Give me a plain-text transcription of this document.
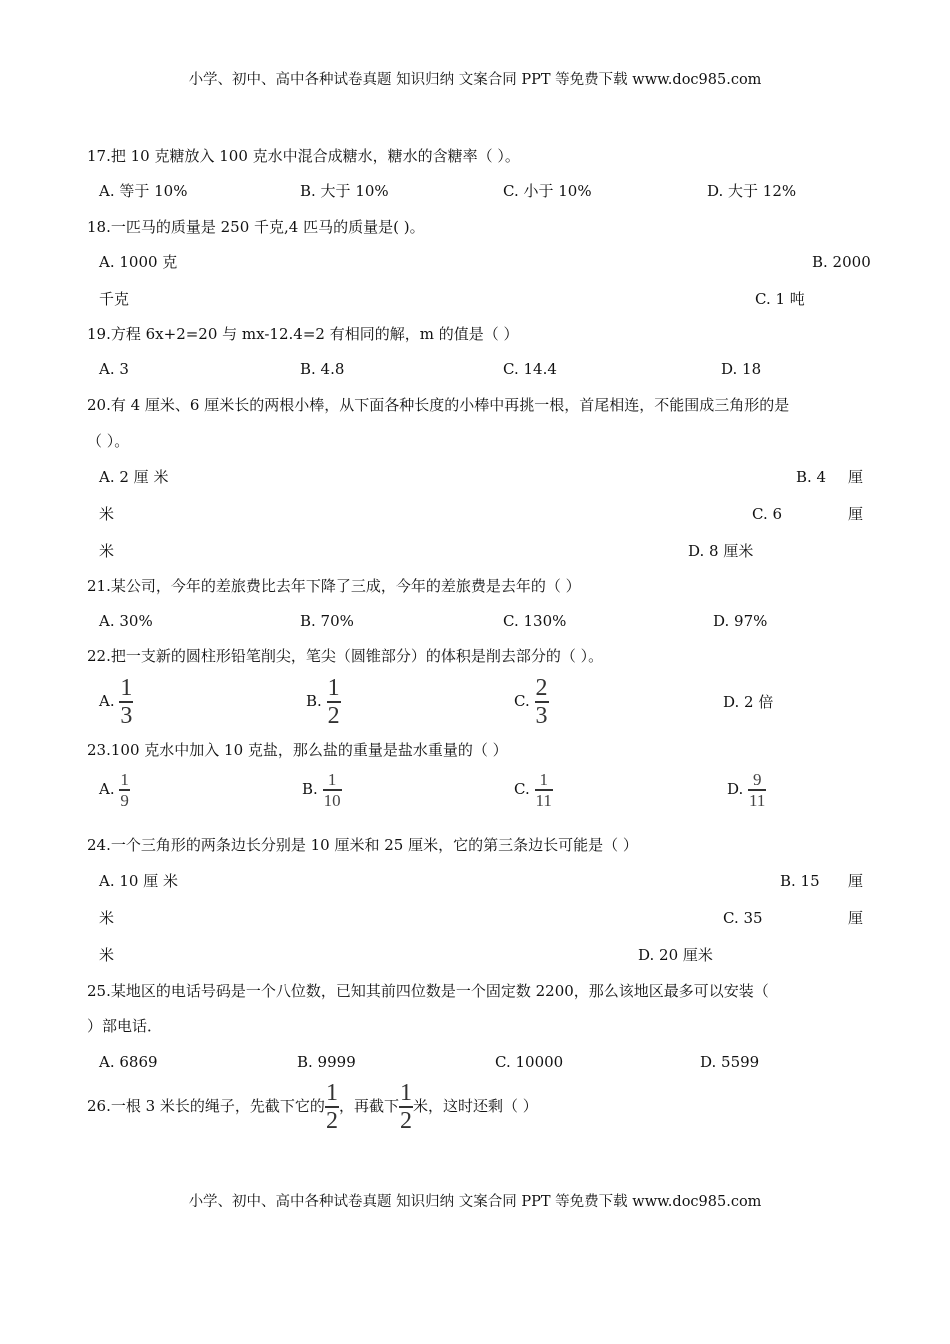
小学、初中、高中各种试卷真题 知识归纳 文案合同 PPT 等免费下载 www.doc985.com
17.把 10 克糖放入 100 克水中混合成糖水，糖水的含糖率（ ）。
A. 等于 10%	B. 大于 10%	C. 小于 10%	D. 大于 12%
18.一匹马的质量是 250 千克,4 匹马的质量是( )。
A. 1000 克	B. 2000
千克	C. 1 吨
19.方程 6x+2=20 与 mx-12.4=2 有相同的解，m 的值是（ ）
A. 3	B. 4.8	C. 14.4	D. 18
20.有 4 厘米、6 厘米长的两根小棒，从下面各种长度的小棒中再挑一根，首尾相连，不能围成三角形的是
（ ）。
A. 2 厘 米	B. 4 厘
米	C. 6	厘
米	D. 8 厘米
21.某公司，今年的差旅费比去年下降了三成，今年的差旅费是去年的（ ）
A. 30%	B. 70%	C. 130%	D. 97%
22.把一支新的圆柱形铅笔削尖，笔尖（圆锥部分）的体积是削去部分的（ ）。
A. $\frac{1}{3}$	B. $\frac{1}{2}$	C. $\frac{2}{3}$	D. 2 倍
23.100 克水中加入 10 克盐，那么盐的重量是盐水重量的（ ）
A. $\frac{1}{9}$	B. $\frac{1}{10}$	C. $\frac{1}{11}$	D. $\frac{9}{11}$
24.一个三角形的两条边长分别是 10 厘米和 25 厘米，它的第三条边长可能是（ ）
A. 10 厘 米	B. 15 厘
米	C. 35	厘
米	D. 20 厘米
25.某地区的电话号码是一个八位数，已知其前四位数是一个固定数 2200，那么该地区最多可以安装（
）部电话．
A. 6869	B. 9999	C. 10000	D. 5599
26.一根 3 米长的绳子，先截下它的 $\frac{1}{2}$ ，再截下 $\frac{1}{2}$ 米，这时还剩（ ）
小学、初中、高中各种试卷真题 知识归纳 文案合同 PPT 等免费下载 www.doc985.com
